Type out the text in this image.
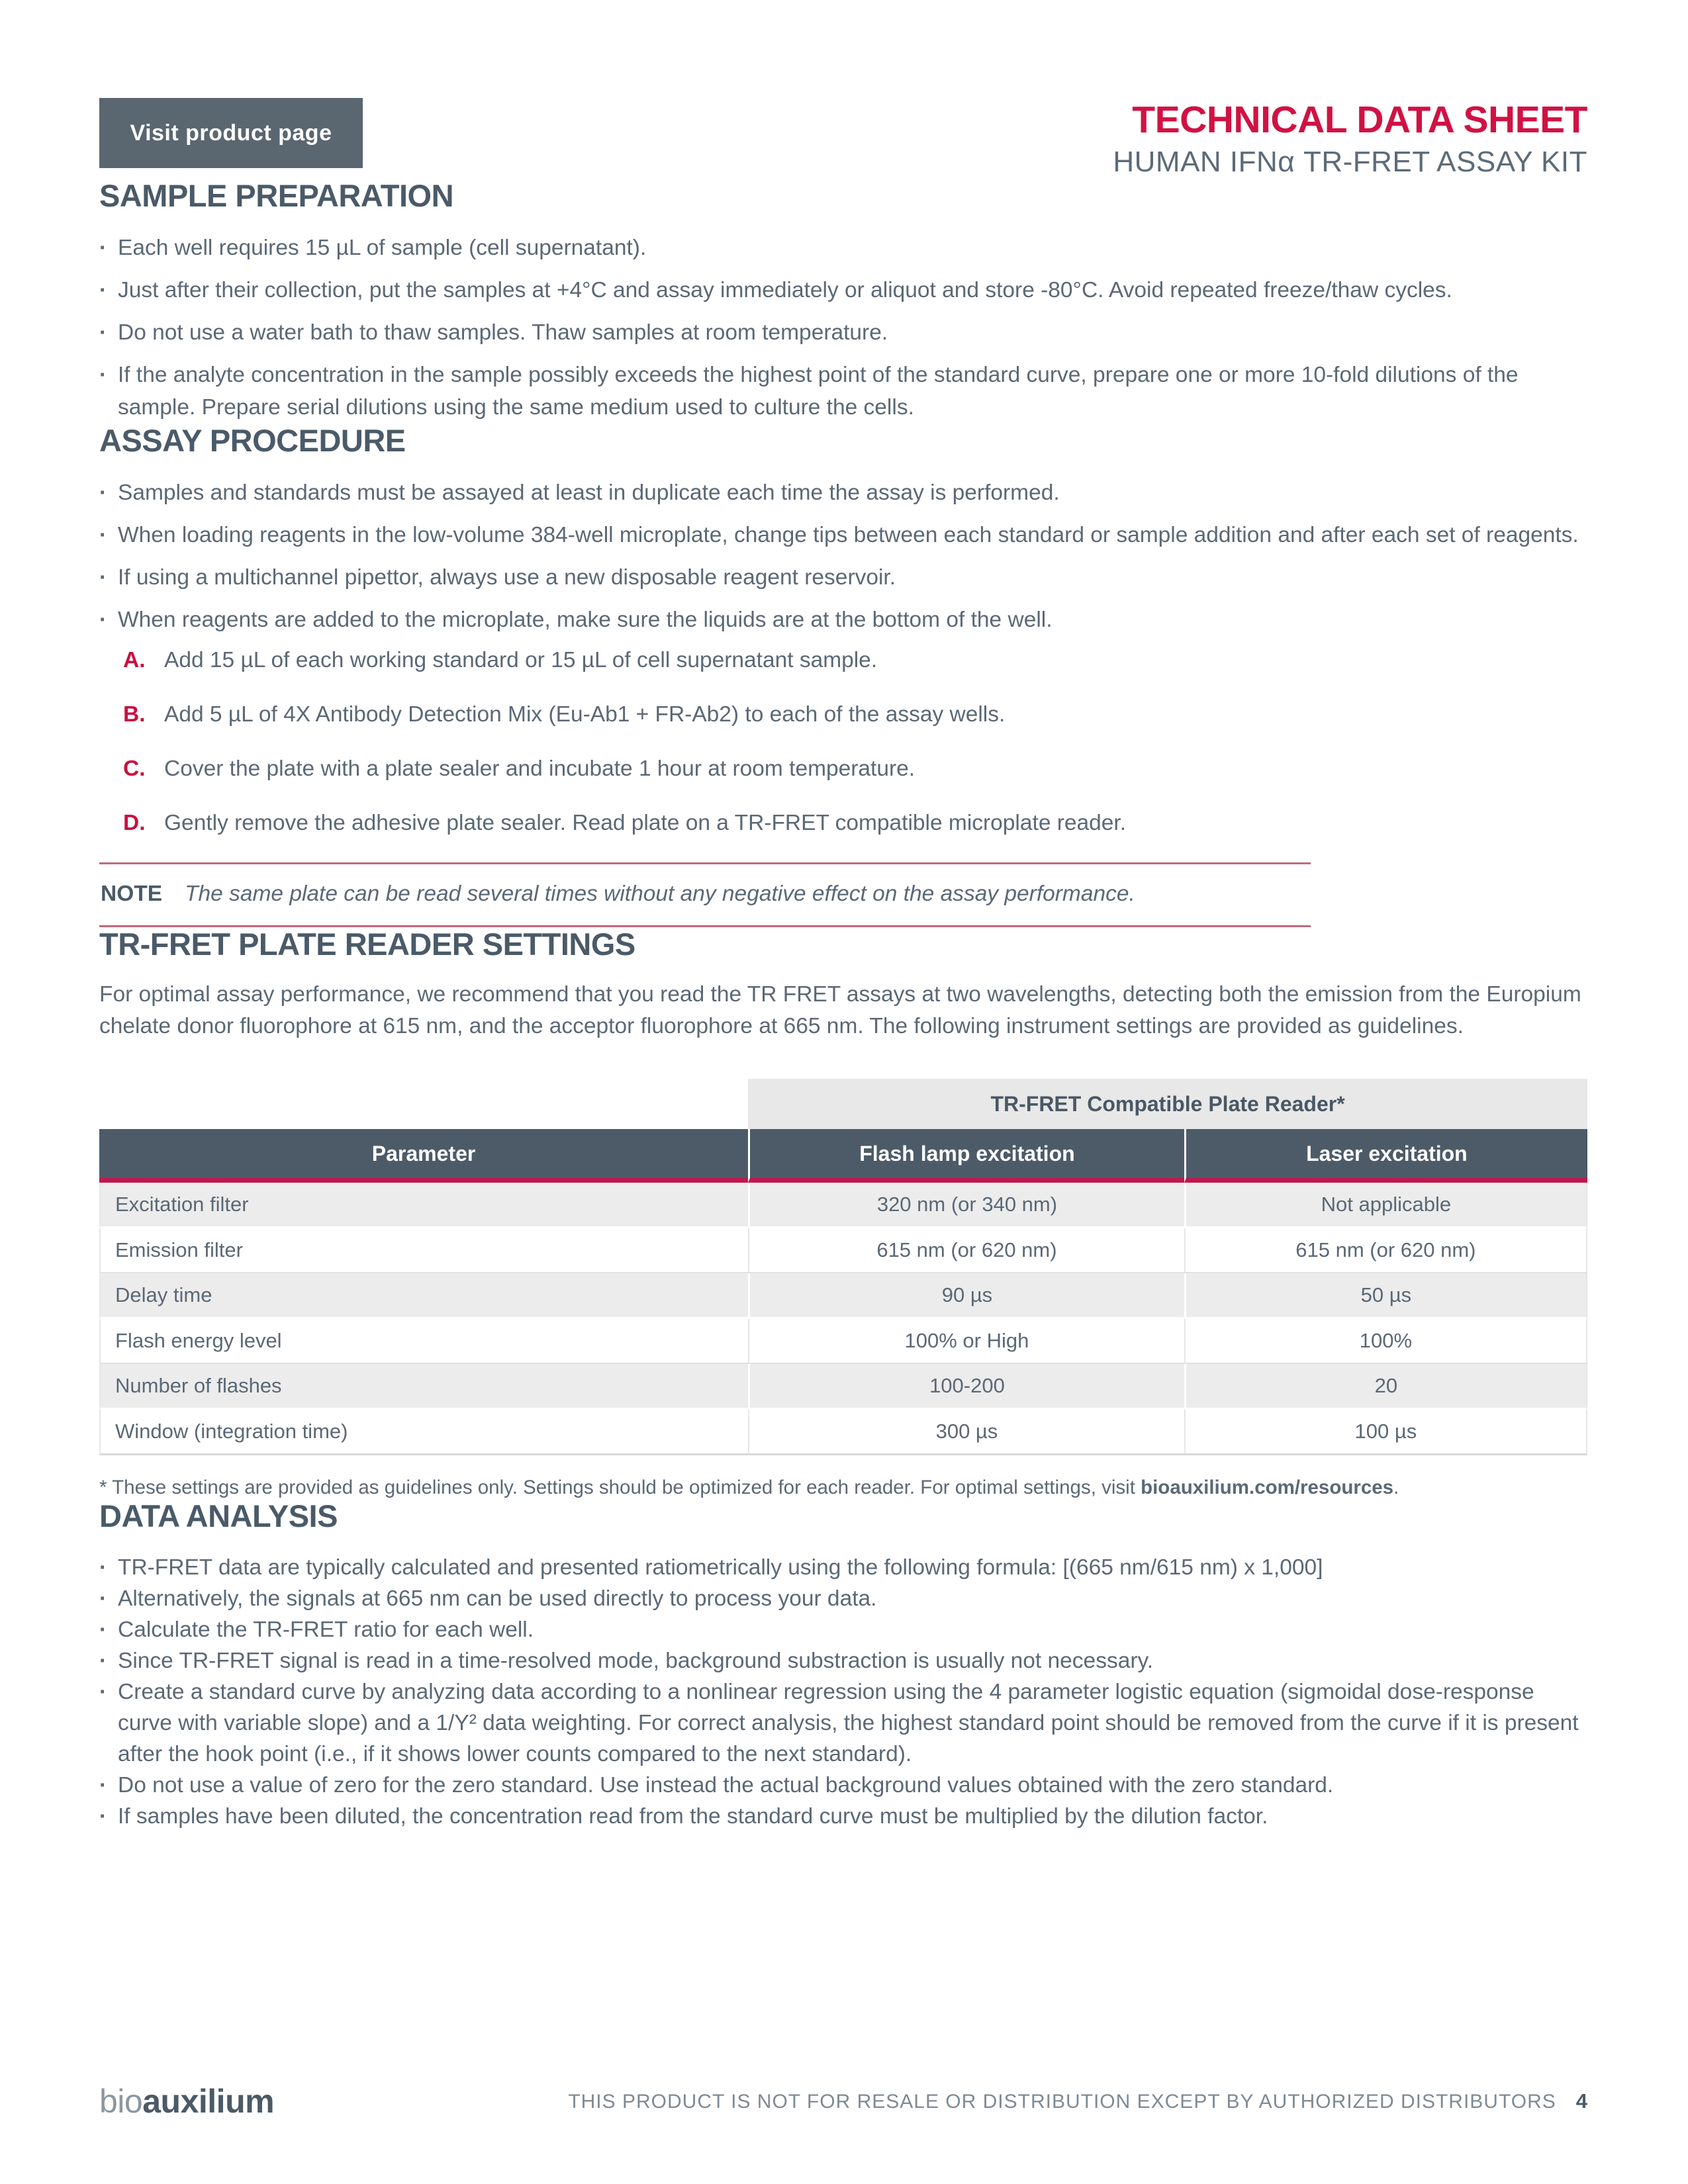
Visit product page	TECHNICAL DATA SHEET
HUMAN IFNα TR-FRET ASSAY KIT
SAMPLE PREPARATION
·
Each well requires 15 µL of sample (cell supernatant).
·
Just after their collection, put the samples at +4°C and assay immediately or aliquot and store -80°C. Avoid repeated freeze/thaw cycles.
·
Do not use a water bath to thaw samples. Thaw samples at room temperature.
·
If the analyte concentration in the sample possibly exceeds the highest point of the standard curve, prepare one or more 10-fold dilutions of the sample. Prepare serial dilutions using the same medium used to culture the cells.
ASSAY PROCEDURE
·
Samples and standards must be assayed at least in duplicate each time the assay is performed.
·
When loading reagents in the low-volume 384-well microplate, change tips between each standard or sample addition and after each set of reagents.
·
If using a multichannel pipettor, always use a new disposable reagent reservoir.
·
When reagents are added to the microplate, make sure the liquids are at the bottom of the well.
A. Add 15 µL of each working standard or 15 µL of cell supernatant sample.
B. Add 5 µL of 4X Antibody Detection Mix (Eu-Ab1 + FR-Ab2) to each of the assay wells.
C. Cover the plate with a plate sealer and incubate 1 hour at room temperature.
D. Gently remove the adhesive plate sealer. Read plate on a TR-FRET compatible microplate reader.
NOTE The same plate can be read several times without any negative effect on the assay performance.
TR-FRET PLATE READER SETTINGS

For optimal assay performance, we recommend that you read the TR FRET assays at two wavelengths, detecting both the emission from the Europium chelate donor fluorophore at 615 nm, and the acceptor fluorophore at 665 nm. The following instrument settings are provided as guidelines.

TR-FRET Compatible Plate Reader*
Parameter	Flash lamp excitation	Laser excitation
Excitation filter	320 nm (or 340 nm)	Not applicable
Emission filter	615 nm (or 620 nm)	615 nm (or 620 nm)
Delay time	90 µs	50 µs
Flash energy level	100% or High	100%
Number of flashes	100-200	20
Window (integration time)	300 µs	100 µs
* These settings are provided as guidelines only. Settings should be optimized for each reader. For optimal settings, visit bioauxilium.com/resources.
DATA ANALYSIS
·
TR-FRET data are typically calculated and presented ratiometrically using the following formula: [(665 nm/615 nm) x 1,000]
·
Alternatively, the signals at 665 nm can be used directly to process your data.
·
Calculate the TR-FRET ratio for each well.
·
Since TR-FRET signal is read in a time-resolved mode, background substraction is usually not necessary.
·
Create a standard curve by analyzing data according to a nonlinear regression using the 4 parameter logistic equation (sigmoidal dose-response curve with variable slope) and a 1/Y² data weighting. For correct analysis, the highest standard point should be removed from the curve if it is present after the hook point (i.e., if it shows lower counts compared to the next standard).
·
Do not use a value of zero for the zero standard. Use instead the actual background values obtained with the zero standard.
·
If samples have been diluted, the concentration read from the standard curve must be multiplied by the dilution factor.
bioauxilium	THIS PRODUCT IS NOT FOR RESALE OR DISTRIBUTION EXCEPT BY AUTHORIZED DISTRIBUTORS 4
